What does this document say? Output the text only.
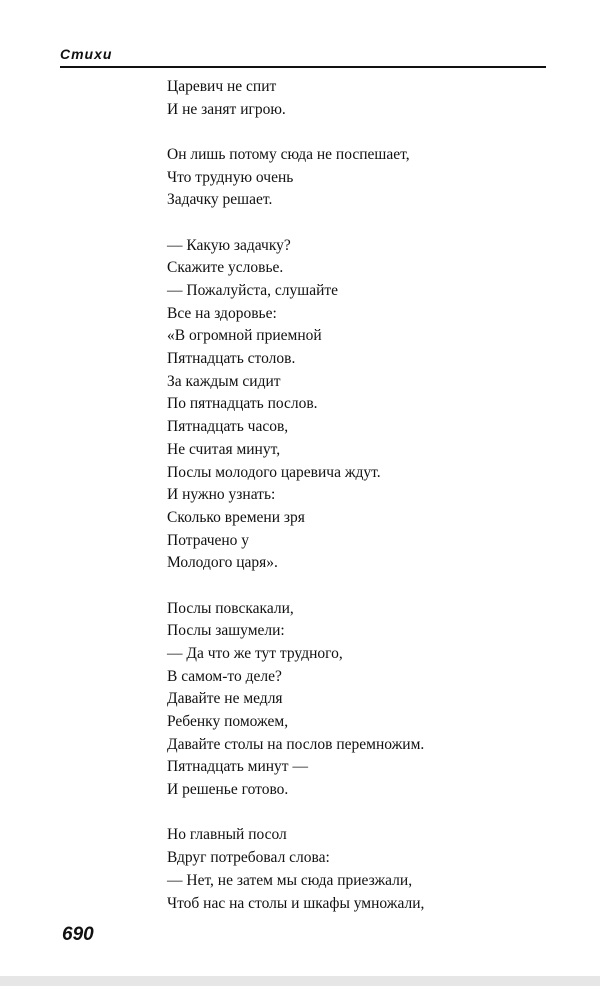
Стихи
Царевич не спит
И не занят игрою.
Он лишь потому сюда не поспешает,
Что трудную очень
Задачку решает.
— Какую задачку?
Скажите условье.
— Пожалуйста, слушайте
Все на здоровье:
«В огромной приемной
Пятнадцать столов.
За каждым сидит
По пятнадцать послов.
Пятнадцать часов,
Не считая минут,
Послы молодого царевича ждут.
И нужно узнать:
Сколько времени зря
Потрачено у
Молодого царя».
Послы повскакали,
Послы зашумели:
— Да что же тут трудного,
В самом-то деле?
Давайте не медля
Ребенку поможем,
Давайте столы на послов перемножим.
Пятнадцать минут —
И решенье готово.
Но главный посол
Вдруг потребовал слова:
— Нет, не затем мы сюда приезжали,
Чтоб нас на столы и шкафы умножали,
690
